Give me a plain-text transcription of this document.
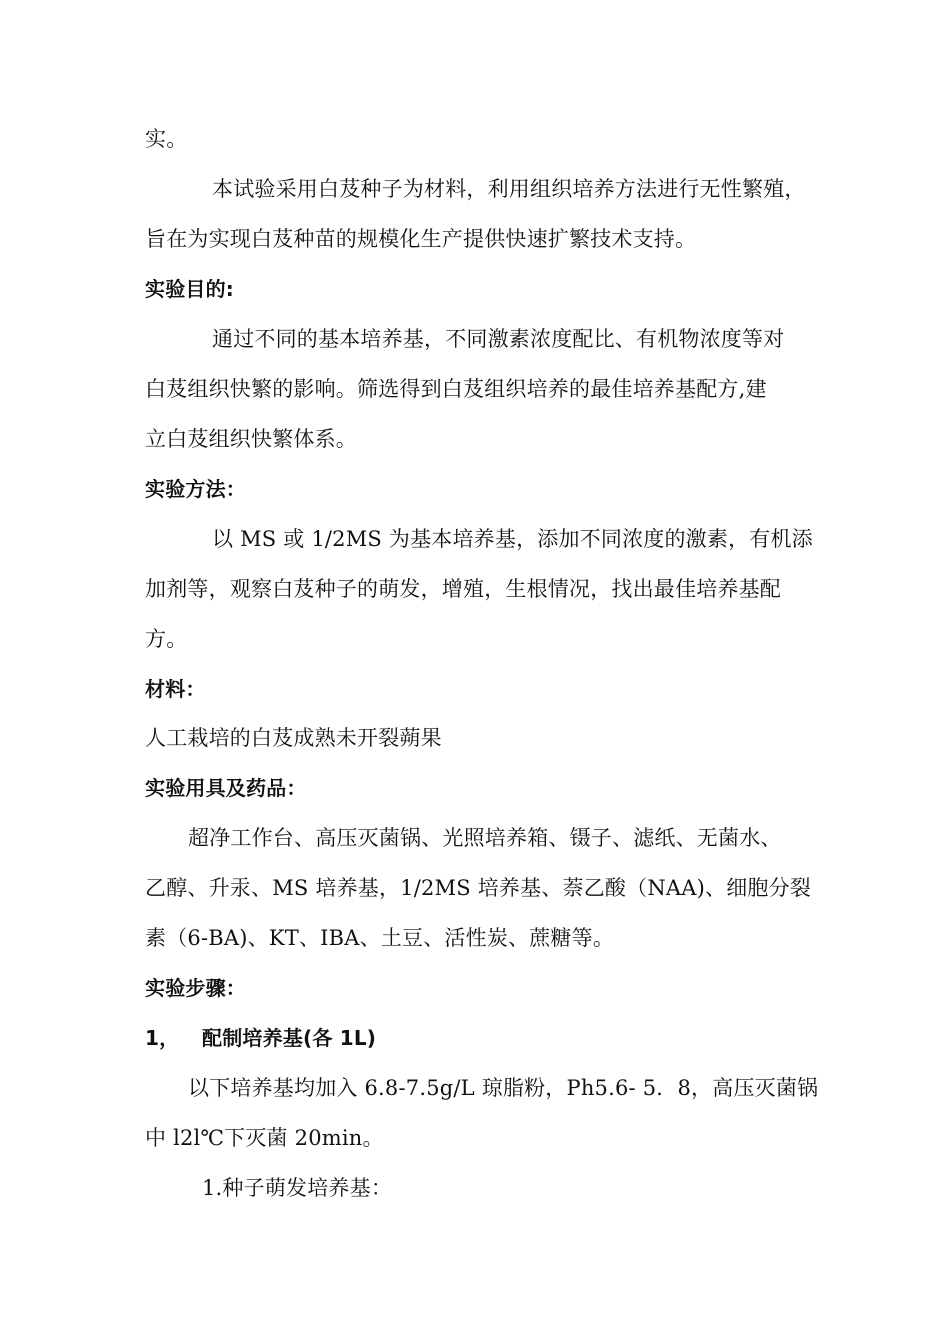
实。
本试验采用白芨种子为材料，利用组织培养方法进行无性繁殖，
旨在为实现白芨种苗的规模化生产提供快速扩繁技术支持。
实验目的:
通过不同的基本培养基，不同激素浓度配比、有机物浓度等对
白芨组织快繁的影响。筛选得到白芨组织培养的最佳培养基配方,建
立白芨组织快繁体系。
实验方法：
以 MS 或 1/2MS 为基本培养基，添加不同浓度的激素，有机添
加剂等，观察白芨种子的萌发，增殖，生根情况，找出最佳培养基配
方。
材料：
人工栽培的白芨成熟未开裂蒴果
实验用具及药品：
超净工作台、高压灭菌锅、光照培养箱、镊子、滤纸、无菌水、
乙醇、升汞、MS 培养基，1/2MS 培养基、萘乙酸（NAA)、细胞分裂
素（6-BA)、KT、IBA、土豆、活性炭、蔗糖等。
实验步骤：
1， 配制培养基(各 1L)
以下培养基均加入 6.8-7.5g/L 琼脂粉，Ph5.6- 5．8，高压灭菌锅
中 l2l℃下灭菌 20min。
1.种子萌发培养基：
